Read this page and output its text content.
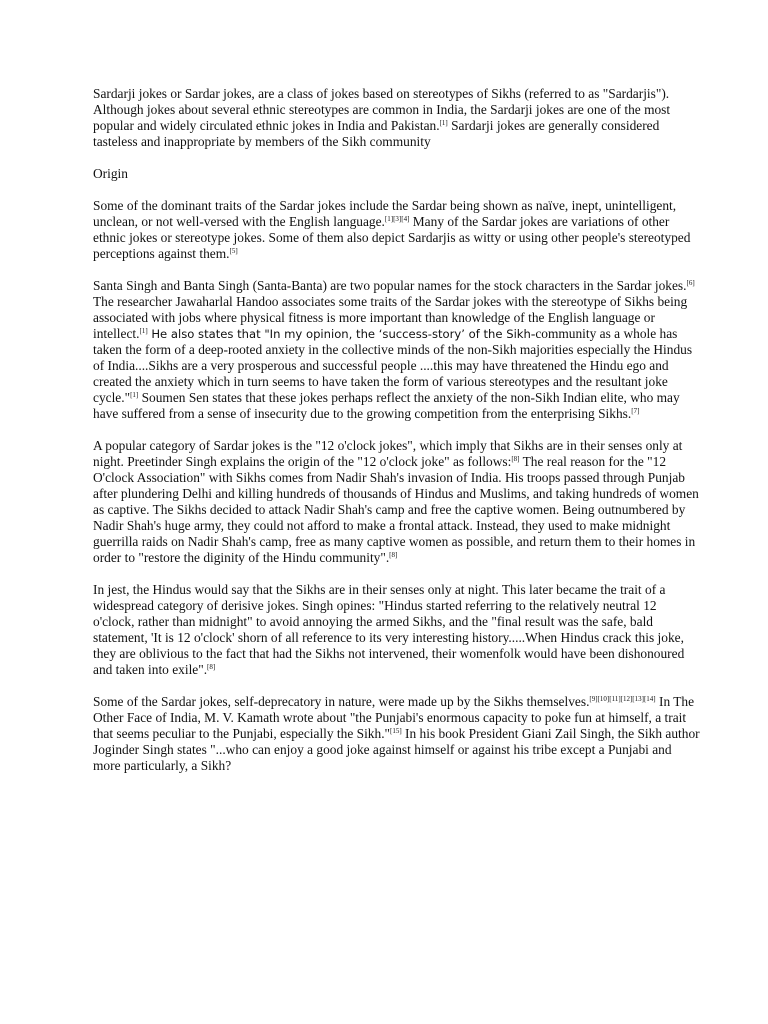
Sardarji jokes or Sardar jokes, are a class of jokes based on stereotypes of Sikhs (referred to as "Sardarjis"). Although jokes about several ethnic stereotypes are common in India, the Sardarji jokes are one of the most popular and widely circulated ethnic jokes in India and Pakistan.[1] Sardarji jokes are generally considered tasteless and inappropriate by members of the Sikh community

Origin

Some of the dominant traits of the Sardar jokes include the Sardar being shown as naïve, inept, unintelligent, unclean, or not well-versed with the English language.[1][3][4] Many of the Sardar jokes are variations of other ethnic jokes or stereotype jokes. Some of them also depict Sardarjis as witty or using other people's stereotyped perceptions against them.[5]

Santa Singh and Banta Singh (Santa-Banta) are two popular names for the stock characters in the Sardar jokes.[6] The researcher Jawaharlal Handoo associates some traits of the Sardar jokes with the stereotype of Sikhs being associated with jobs where physical fitness is more important than knowledge of the English language or intellect.[1] He also states that "In my opinion, the ‘success-story’ of the Sikh-community as a whole has taken the form of a deep-rooted anxiety in the collective minds of the non-Sikh majorities especially the Hindus of India....Sikhs are a very prosperous and successful people ....this may have threatened the Hindu ego and created the anxiety which in turn seems to have taken the form of various stereotypes and the resultant joke cycle."[1] Soumen Sen states that these jokes perhaps reflect the anxiety of the non-Sikh Indian elite, who may have suffered from a sense of insecurity due to the growing competition from the enterprising Sikhs.[7]

A popular category of Sardar jokes is the "12 o'clock jokes", which imply that Sikhs are in their senses only at night. Preetinder Singh explains the origin of the "12 o'clock joke" as follows:[8] The real reason for the "12 O'clock Association" with Sikhs comes from Nadir Shah's invasion of India. His troops passed through Punjab after plundering Delhi and killing hundreds of thousands of Hindus and Muslims, and taking hundreds of women as captive. The Sikhs decided to attack Nadir Shah's camp and free the captive women. Being outnumbered by Nadir Shah's huge army, they could not afford to make a frontal attack. Instead, they used to make midnight guerrilla raids on Nadir Shah's camp, free as many captive women as possible, and return them to their homes in order to "restore the diginity of the Hindu community".[8]

In jest, the Hindus would say that the Sikhs are in their senses only at night. This later became the trait of a widespread category of derisive jokes. Singh opines: "Hindus started referring to the relatively neutral 12 o'clock, rather than midnight" to avoid annoying the armed Sikhs, and the "final result was the safe, bald statement, 'It is 12 o'clock' shorn of all reference to its very interesting history.....When Hindus crack this joke, they are oblivious to the fact that had the Sikhs not intervened, their womenfolk would have been dishonoured and taken into exile".[8]

Some of the Sardar jokes, self-deprecatory in nature, were made up by the Sikhs themselves.[9][10][11][12][13][14] In The Other Face of India, M. V. Kamath wrote about "the Punjabi's enormous capacity to poke fun at himself, a trait that seems peculiar to the Punjabi, especially the Sikh."[15] In his book President Giani Zail Singh, the Sikh author Joginder Singh states "...who can enjoy a good joke against himself or against his tribe except a Punjabi and more particularly, a Sikh?
